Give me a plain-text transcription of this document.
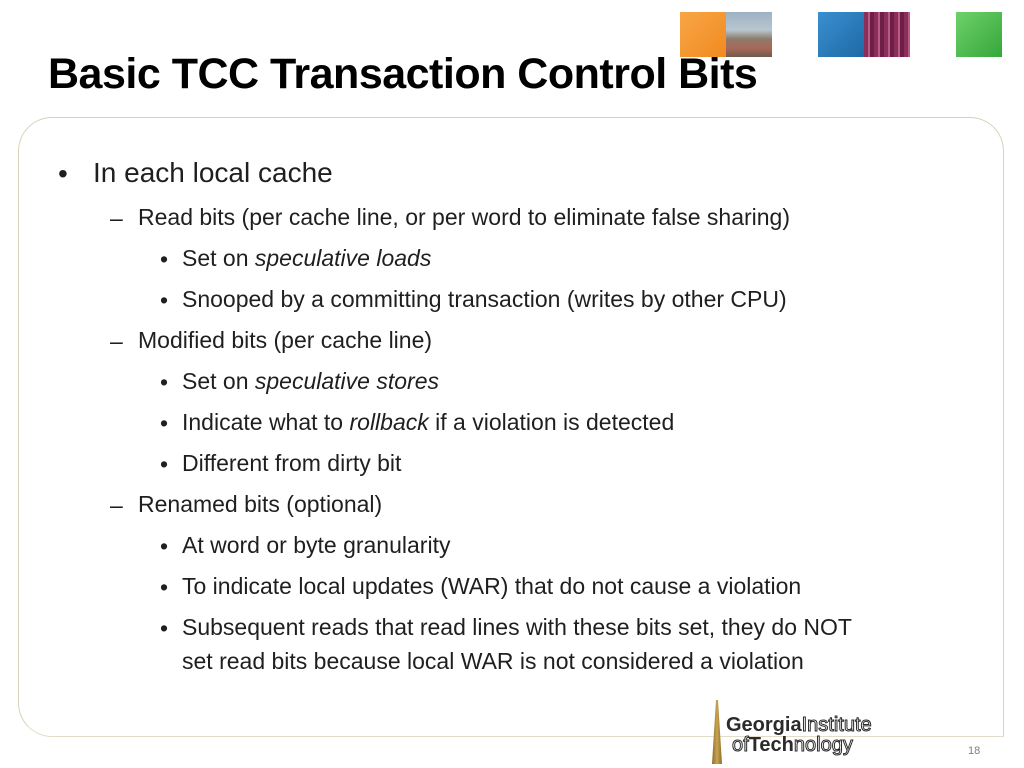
Basic TCC Transaction Control Bits
• In each local cache
– Read bits (per cache line, or per word to eliminate false sharing)
• Set on speculative loads
• Snooped by a committing transaction (writes by other CPU)
– Modified bits (per cache line)
• Set on speculative stores
• Indicate what to rollback if a violation is detected
• Different from dirty bit
– Renamed bits (optional)
• At word or byte granularity
• To indicate local updates (WAR) that do not cause a violation
• Subsequent reads that read lines with these bits set, they do NOT
set read bits because local WAR is not considered a violation
GeorgiaInstitute
ofTechnology	18
